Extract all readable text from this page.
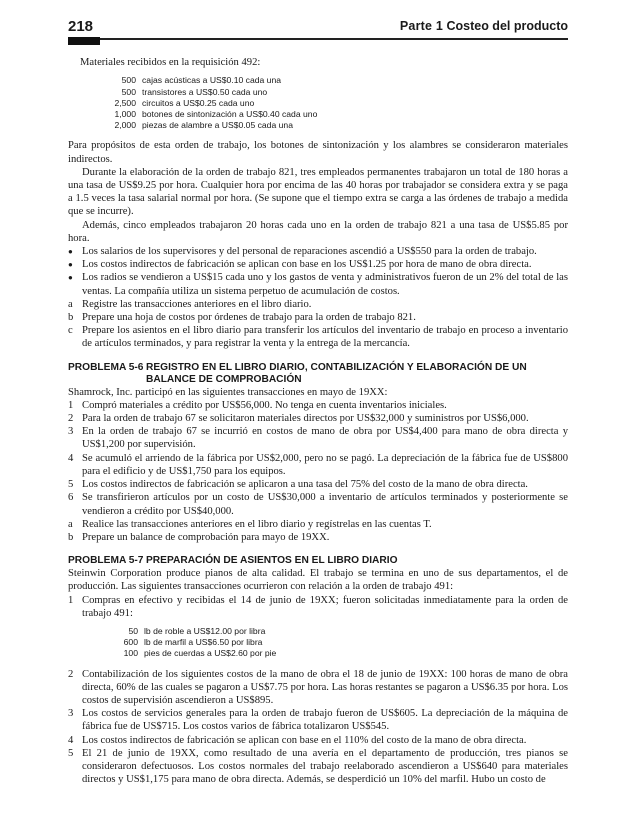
218	Parte 1 Costeo del producto

Materiales recibidos en la requisición 492:

500	cajas acústicas a US$0.10 cada una
500	transistores a US$0.50 cada uno
2,500	circuitos a US$0.25 cada uno
1,000	botones de sintonización a US$0.40 cada uno
2,000	piezas de alambre a US$0.05 cada una

Para propósitos de esta orden de trabajo, los botones de sintonización y los alambres se consideraron materiales indirectos.

Durante la elaboración de la orden de trabajo 821, tres empleados permanentes trabajaron un total de 180 horas a una tasa de US$9.25 por hora. Cualquier hora por encima de las 40 horas por trabajador se considera extra y se paga a 1.5 veces la tasa salarial normal por hora. (Se supone que el tiempo extra se carga a las órdenes de trabajo a medida que se incurre).

Además, cinco empleados trabajaron 20 horas cada uno en la orden de trabajo 821 a una tasa de US$5.85 por hora.

● Los salarios de los supervisores y del personal de reparaciones ascendió a US$550 para la orden de trabajo.
● Los costos indirectos de fabricación se aplican con base en los US$1.25 por hora de mano de obra directa.
● Los radios se vendieron a US$15 cada uno y los gastos de venta y administrativos fueron de un 2% del total de las ventas. La compañía utiliza un sistema perpetuo de acumulación de costos.
a Registre las transacciones anteriores en el libro diario.
b Prepare una hoja de costos por órdenes de trabajo para la orden de trabajo 821.
c Prepare los asientos en el libro diario para transferir los artículos del inventario de trabajo en proceso a inventario de artículos terminados, y para registrar la venta y la entrega de la mercancía.
PROBLEMA 5-6 REGISTRO EN EL LIBRO DIARIO, CONTABILIZACIÓN Y ELABORACIÓN DE UN BALANCE DE COMPROBACIÓN

Shamrock, Inc. participó en las siguientes transacciones en mayo de 19XX:

1 Compró materiales a crédito por US$56,000. No tenga en cuenta inventarios iniciales.
2 Para la orden de trabajo 67 se solicitaron materiales directos por US$32,000 y suministros por US$6,000.
3 En la orden de trabajo 67 se incurrió en costos de mano de obra por US$4,400 para mano de obra directa y US$1,200 por supervisión.
4 Se acumuló el arriendo de la fábrica por US$2,000, pero no se pagó. La depreciación de la fábrica fue de US$800 para el edificio y de US$1,750 para los equipos.
5 Los costos indirectos de fabricación se aplicaron a una tasa del 75% del costo de la mano de obra directa.
6 Se transfirieron artículos por un costo de US$30,000 a inventario de artículos terminados y posteriormente se vendieron a crédito por US$40,000.
a Realice las transacciones anteriores en el libro diario y regístrelas en las cuentas T.
b Prepare un balance de comprobación para mayo de 19XX.
PROBLEMA 5-7 PREPARACIÓN DE ASIENTOS EN EL LIBRO DIARIO

Steinwin Corporation produce pianos de alta calidad. El trabajo se termina en uno de sus departamentos, el de producción. Las siguientes transacciones ocurrieron con relación a la orden de trabajo 491:

1 Compras en efectivo y recibidas el 14 de junio de 19XX; fueron solicitadas inmediatamente para la orden de trabajo 491:
50	lb de roble a US$12.00 por libra
600	lb de marfil a US$6.50 por libra
100	pies de cuerdas a US$2.60 por pie
2 Contabilización de los siguientes costos de la mano de obra el 18 de junio de 19XX: 100 horas de mano de obra directa, 60% de las cuales se pagaron a US$7.75 por hora. Las horas restantes se pagaron a US$6.35 por hora. Los costos de supervisión ascendieron a US$895.
3 Los costos de servicios generales para la orden de trabajo fueron de US$605. La depreciación de la máquina de fábrica fue de US$715. Los costos varios de fábrica totalizaron US$545.
4 Los costos indirectos de fabricación se aplican con base en el 110% del costo de la mano de obra directa.
5 El 21 de junio de 19XX, como resultado de una avería en el departamento de producción, tres pianos se consideraron defectuosos. Los costos normales del trabajo reelaborado ascendieron a US$640 para materiales directos y US$1,175 para mano de obra directa. Además, se desperdició un 10% del marfil. Hubo un costo de
